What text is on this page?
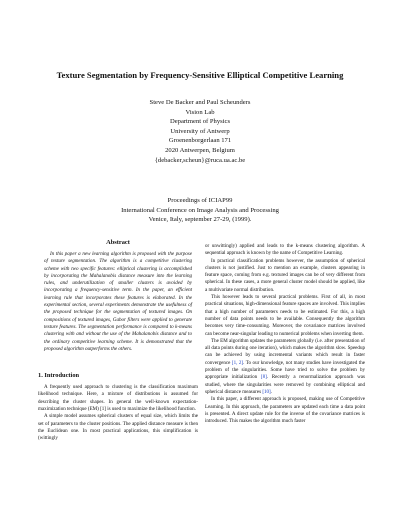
Texture Segmentation by Frequency-Sensitive Elliptical Competitive Learning
Steve De Backer and Paul Scheunders
Vision Lab
Department of Physics
University of Antwerp
Groenenborgerlaan 171
2020 Antwerpen, Belgium
{debacker,scheun}@ruca.ua.ac.be
Proceedings of ICIAP99
International Conference on Image Analysis and Processing
Venice, Italy, september 27-29, (1999).
Abstract

In this paper a new learning algorithm is proposed with the purpose of texture segmentation. The algorithm is a competitive clustering scheme with two specific features: elliptical clustering is accomplished by incorporating the Mahalanobis distance measure into the learning rules, and underutilization of smaller clusters is avoided by incorporating a frequency-sensitive term. In the paper, an efficient learning rule that incorporates these features is elaborated. In the experimental section, several experiments demonstrate the usefulness of the proposed technique for the segmentation of textured images. On compositions of textured images, Gabor filters were applied to generate texture features. The segmentation performance is compared to k-means clustering with and without the use of the Mahalanobis distance and to the ordinary competitive learning scheme. It is demonstrated that the proposed algorithm outperforms the others.

1. Introduction

A frequently used approach to clustering is the classification maximum likelihood technique. Here, a mixture of distributions is assumed for describing the cluster shapes. In general the well-known expectation-maximization technique (EM) [1] is used to maximize the likelihood function.

A simple model assumes spherical clusters of equal size, which limits the set of parameters to the cluster positions. The applied distance measure is then the Euclidean one. In most practical applications, this simplification is (wittingly

or unwittingly) applied and leads to the k-means clustering algorithm. A sequential approach is known by the name of Competitive Learning.

In practical classification problems however, the assumption of spherical clusters is not justified. Just to mention an example, clusters appearing in feature space, coming from e.g. textured images can be of very different from spherical. In these cases, a more general cluster model should be applied, like a multivariate normal distribution.

This however leads to several practical problems. First of all, in most practical situations, high-dimensional feature spaces are involved. This implies that a high number of parameters needs to be estimated. For this, a high number of data points needs to be available. Consequently the algorithm becomes very time-consuming. Moreover, the covariance matrices involved can become near-singular leading to numerical problems when inverting them.

The EM algorithm updates the parameters globally (i.e. after presentation of all data points during one iteration), which makes the algorithm slow. Speedup can be achieved by using incremental variants which result in faster convergence [1, 2]. To our knowledge, not many studies have investigated the problem of the singularities. Some have tried to solve the problem by appropriate initialization [8]. Recently a renormalization approach was studied, where the singularities were removed by combining elliptical and spherical distance measures [10].

In this paper, a different approach is proposed, making use of Competitive Learning. In this approach, the parameters are updated each time a data point is presented. A direct update rule for the inverse of the covariance matrices is introduced. This makes the algorithm much faster
